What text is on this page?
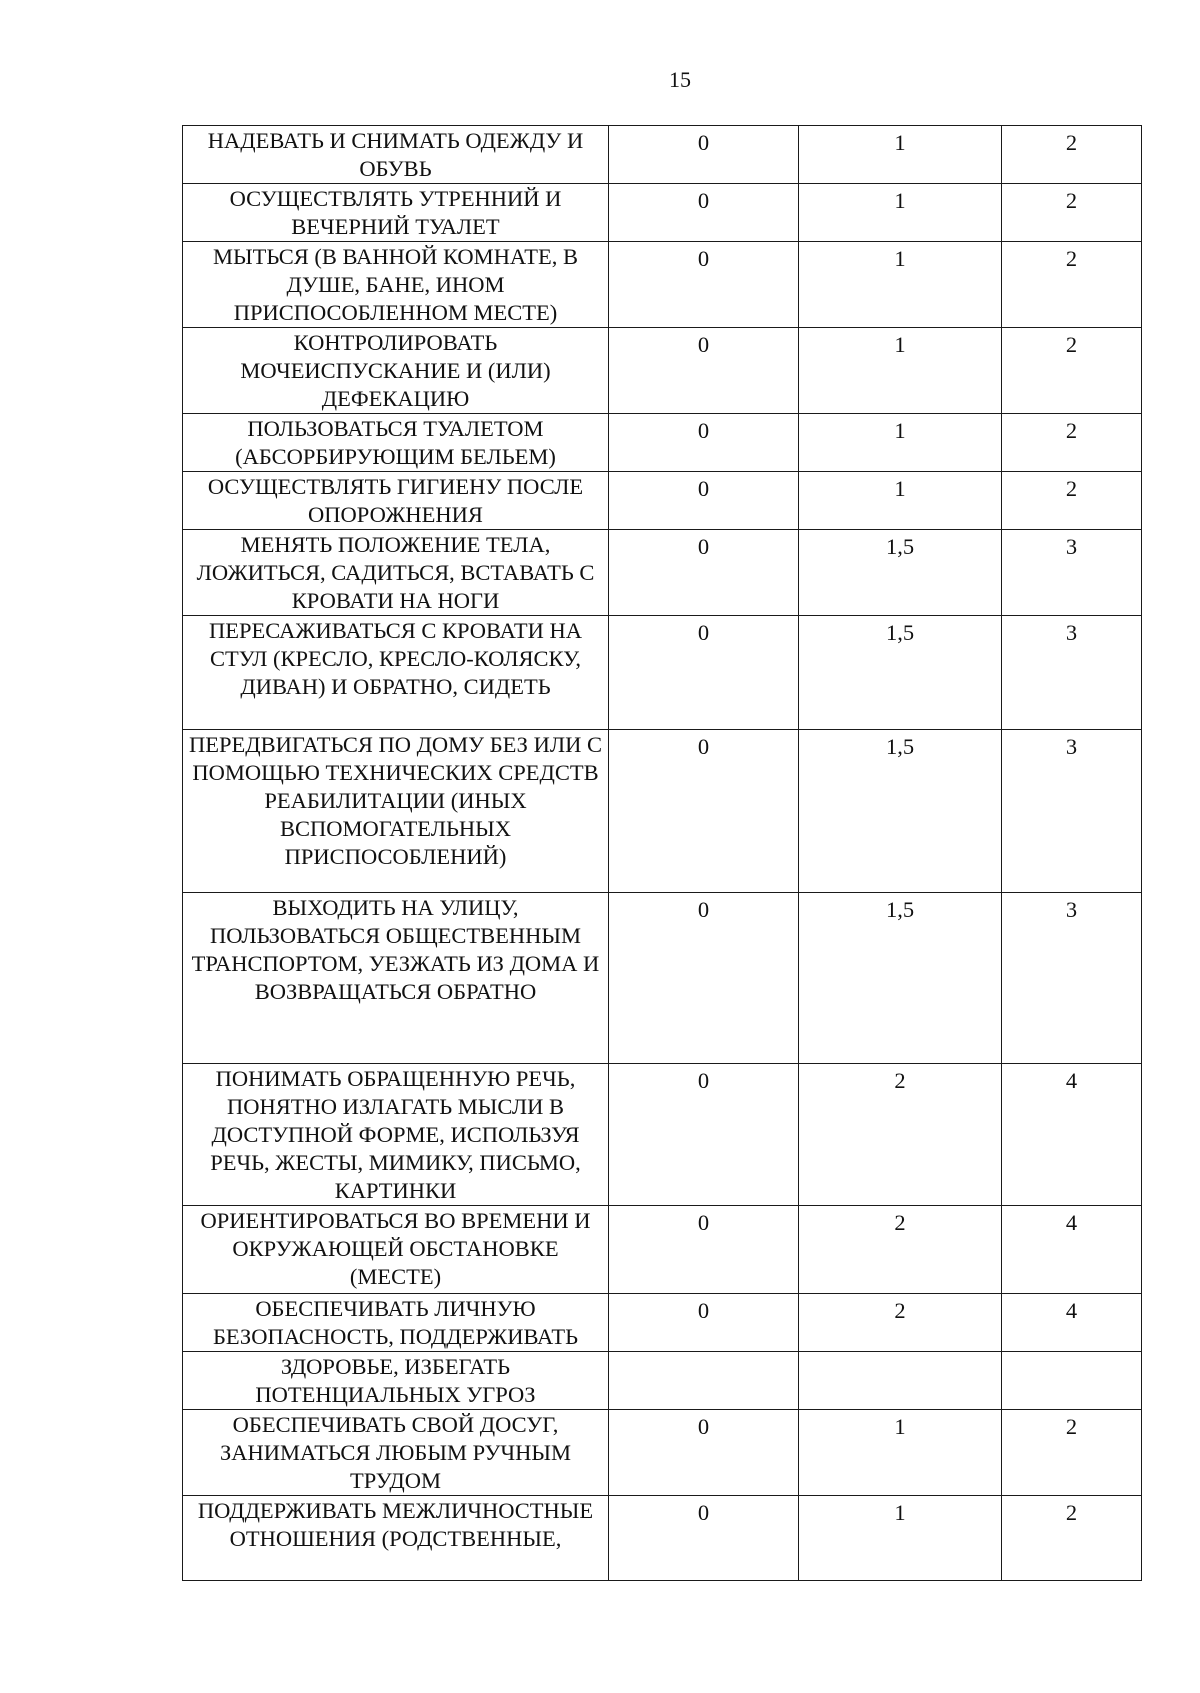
15
НАДЕВАТЬ И СНИМАТЬ ОДЕЖДУ И ОБУВЬ	0	1	2
ОСУЩЕСТВЛЯТЬ УТРЕННИЙ И ВЕЧЕРНИЙ ТУАЛЕТ	0	1	2
МЫТЬСЯ (В ВАННОЙ КОМНАТЕ, В ДУШЕ, БАНЕ, ИНОМ ПРИСПОСОБЛЕННОМ МЕСТЕ)	0	1	2
КОНТРОЛИРОВАТЬ МОЧЕИСПУСКАНИЕ И (ИЛИ) ДЕФЕКАЦИЮ	0	1	2
ПОЛЬЗОВАТЬСЯ ТУАЛЕТОМ (АБСОРБИРУЮЩИМ БЕЛЬЕМ)	0	1	2
ОСУЩЕСТВЛЯТЬ ГИГИЕНУ ПОСЛЕ ОПОРОЖНЕНИЯ	0	1	2
МЕНЯТЬ ПОЛОЖЕНИЕ ТЕЛА, ЛОЖИТЬСЯ, САДИТЬСЯ, ВСТАВАТЬ С КРОВАТИ НА НОГИ	0	1,5	3
ПЕРЕСАЖИВАТЬСЯ С КРОВАТИ НА СТУЛ (КРЕСЛО, КРЕСЛО-КОЛЯСКУ, ДИВАН) И ОБРАТНО, СИДЕТЬ	0	1,5	3
ПЕРЕДВИГАТЬСЯ ПО ДОМУ БЕЗ ИЛИ С ПОМОЩЬЮ ТЕХНИЧЕСКИХ СРЕДСТВ РЕАБИЛИТАЦИИ (ИНЫХ ВСПОМОГАТЕЛЬНЫХ ПРИСПОСОБЛЕНИЙ)	0	1,5	3
ВЫХОДИТЬ НА УЛИЦУ, ПОЛЬЗОВАТЬСЯ ОБЩЕСТВЕННЫМ ТРАНСПОРТОМ, УЕЗЖАТЬ ИЗ ДОМА И ВОЗВРАЩАТЬСЯ ОБРАТНО	0	1,5	3
ПОНИМАТЬ ОБРАЩЕННУЮ РЕЧЬ, ПОНЯТНО ИЗЛАГАТЬ МЫСЛИ В ДОСТУПНОЙ ФОРМЕ, ИСПОЛЬЗУЯ РЕЧЬ, ЖЕСТЫ, МИМИКУ, ПИСЬМО, КАРТИНКИ	0	2	4
ОРИЕНТИРОВАТЬСЯ ВО ВРЕМЕНИ И ОКРУЖАЮЩЕЙ ОБСТАНОВКЕ (МЕСТЕ)	0	2	4
ОБЕСПЕЧИВАТЬ ЛИЧНУЮ БЕЗОПАСНОСТЬ, ПОДДЕРЖИВАТЬ	0	2	4
ЗДОРОВЬЕ, ИЗБЕГАТЬ ПОТЕНЦИАЛЬНЫХ УГРОЗ			
ОБЕСПЕЧИВАТЬ СВОЙ ДОСУГ, ЗАНИМАТЬСЯ ЛЮБЫМ РУЧНЫМ ТРУДОМ	0	1	2
ПОДДЕРЖИВАТЬ МЕЖЛИЧНОСТНЫЕ ОТНОШЕНИЯ (РОДСТВЕННЫЕ,	0	1	2
